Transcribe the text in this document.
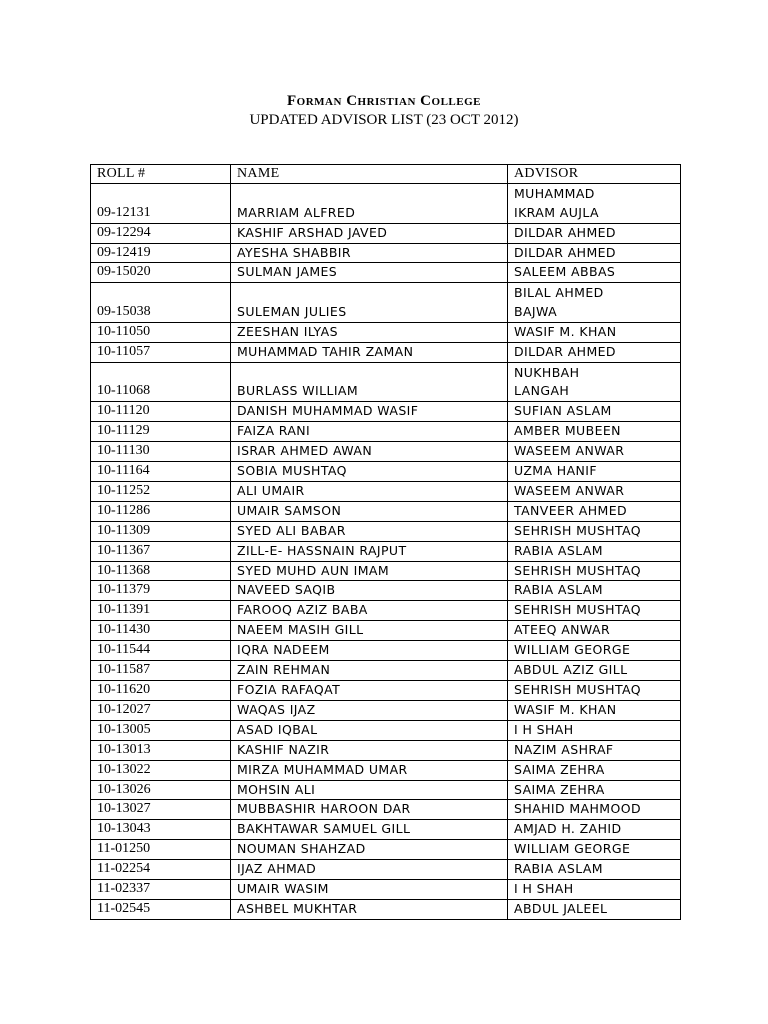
Forman Christian College
UPDATED ADVISOR LIST (23 OCT 2012)
ROLL #	NAME	ADVISOR
09-12131	MARRIAM ALFRED	MUHAMMAD
IKRAM AUJLA

09-12294	KASHIF ARSHAD JAVED	DILDAR AHMED

09-12419	AYESHA SHABBIR	DILDAR AHMED

09-15020	SULMAN JAMES	SALEEM ABBAS

09-15038	SULEMAN JULIES	BILAL AHMED
BAJWA

10-11050	ZEESHAN ILYAS	WASIF M. KHAN

10-11057	MUHAMMAD TAHIR ZAMAN	DILDAR AHMED

10-11068	BURLASS WILLIAM	NUKHBAH
LANGAH

10-11120	DANISH MUHAMMAD WASIF	SUFIAN ASLAM

10-11129	FAIZA RANI	AMBER MUBEEN

10-11130	ISRAR AHMED AWAN	WASEEM ANWAR

10-11164	SOBIA MUSHTAQ	UZMA HANIF

10-11252	ALI UMAIR	WASEEM ANWAR

10-11286	UMAIR SAMSON	TANVEER AHMED

10-11309	SYED ALI BABAR	SEHRISH MUSHTAQ

10-11367	ZILL-E- HASSNAIN RAJPUT	RABIA ASLAM

10-11368	SYED MUHD AUN IMAM	SEHRISH MUSHTAQ

10-11379	NAVEED SAQIB	RABIA ASLAM

10-11391	FAROOQ AZIZ BABA	SEHRISH MUSHTAQ

10-11430	NAEEM MASIH GILL	ATEEQ ANWAR

10-11544	IQRA NADEEM	WILLIAM GEORGE

10-11587	ZAIN REHMAN	ABDUL AZIZ GILL

10-11620	FOZIA RAFAQAT	SEHRISH MUSHTAQ

10-12027	WAQAS IJAZ	WASIF M. KHAN

10-13005	ASAD IQBAL	I H SHAH

10-13013	KASHIF NAZIR	NAZIM ASHRAF

10-13022	MIRZA MUHAMMAD UMAR	SAIMA ZEHRA

10-13026	MOHSIN ALI	SAIMA ZEHRA

10-13027	MUBBASHIR HAROON DAR	SHAHID MAHMOOD

10-13043	BAKHTAWAR SAMUEL GILL	AMJAD H. ZAHID

11-01250	NOUMAN SHAHZAD	WILLIAM GEORGE

11-02254	IJAZ AHMAD	RABIA ASLAM

11-02337	UMAIR WASIM	I H SHAH

11-02545	ASHBEL MUKHTAR	ABDUL JALEEL
